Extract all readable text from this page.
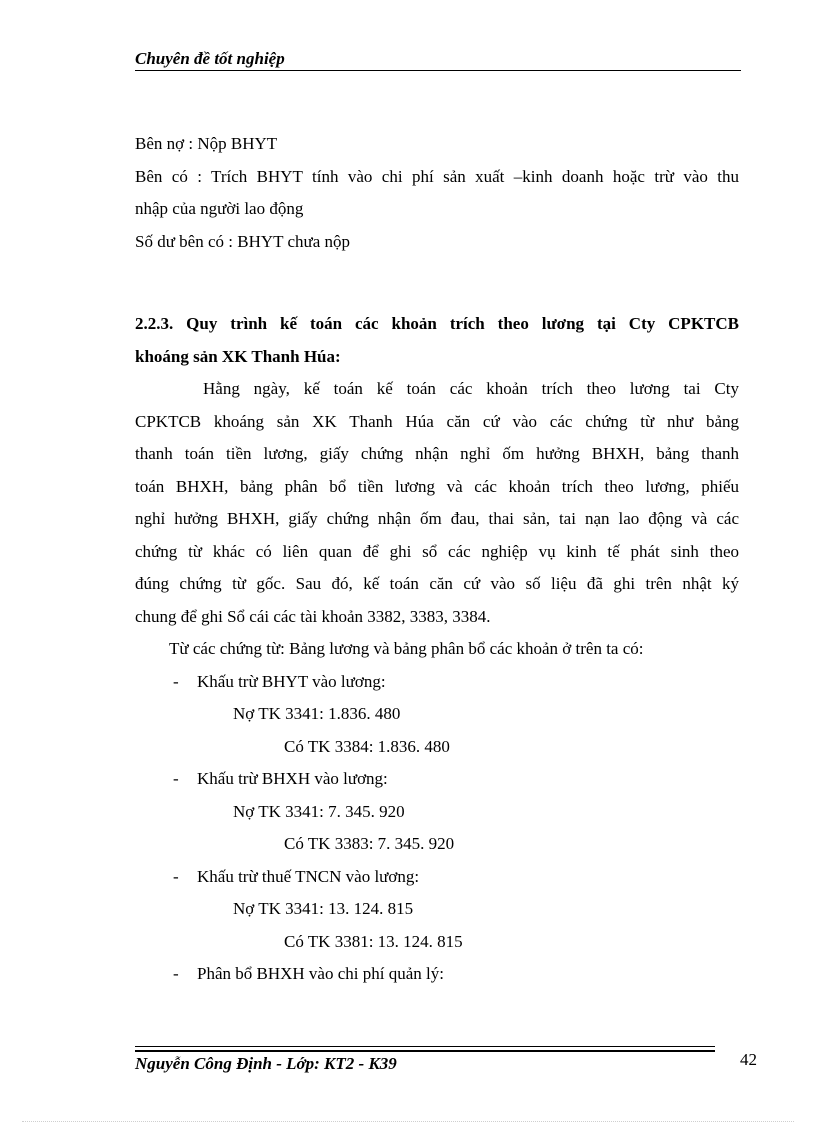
Chuyên đề tốt nghiệp
Bên nợ : Nộp BHYT
Bên có : Trích BHYT tính vào chi phí sản xuất –kinh doanh hoặc trừ vào thu
nhập của người lao động
Số dư bên có : BHYT chưa nộp
2.2.3. Quy trình kế toán các khoản trích theo lương tại Cty CPKTCB
khoáng sản XK Thanh Húa:
Hằng ngày, kế toán kế toán các khoản trích theo lương tai Cty
CPKTCB khoáng sản XK Thanh Húa căn cứ vào các chứng từ như bảng
thanh toán tiền lương, giấy chứng nhận nghỉ ốm hưởng BHXH, bảng thanh
toán BHXH, bảng phân bổ tiền lương và các khoản trích theo lương, phiếu
nghỉ hưởng BHXH, giấy chứng nhận ốm đau, thai sản, tai nạn lao động và các
chứng từ khác có liên quan để ghi sổ các nghiệp vụ kinh tế phát sinh theo
đúng chứng từ gốc. Sau đó, kế toán căn cứ vào số liệu đã ghi trên nhật ký
chung để ghi Sổ cái các tài khoản 3382, 3383, 3384.
Từ các chứng từ: Bảng lương và bảng phân bổ các khoản ở trên ta có:
- Khấu trừ BHYT vào lương:
Nợ TK 3341: 1.836. 480
Có TK 3384: 1.836. 480
- Khấu trừ BHXH vào lương:
Nợ TK 3341: 7. 345. 920
Có TK 3383: 7. 345. 920
- Khấu trừ thuế TNCN vào lương:
Nợ TK 3341: 13. 124. 815
Có TK 3381: 13. 124. 815
- Phân bổ BHXH vào chi phí quản lý:
Nguyễn Công Định - Lớp: KT2 - K39	42
